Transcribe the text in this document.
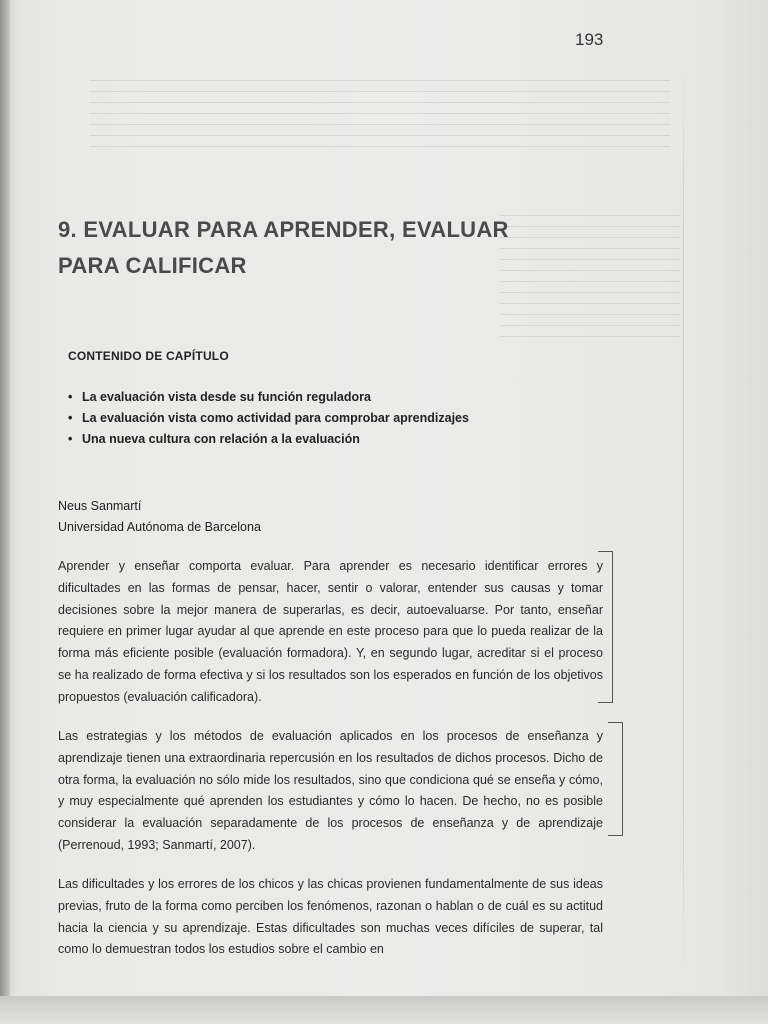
193
9. EVALUAR PARA APRENDER, EVALUAR
PARA CALIFICAR
CONTENIDO DE CAPÍTULO
• La evaluación vista desde su función reguladora
• La evaluación vista como actividad para comprobar aprendizajes
• Una nueva cultura con relación a la evaluación
Neus Sanmartí
Universidad Autónoma de Barcelona

Aprender y enseñar comporta evaluar. Para aprender es necesario identificar errores y dificultades en las formas de pensar, hacer, sentir o valorar, entender sus causas y tomar decisiones sobre la mejor manera de superarlas, es decir, autoevaluarse. Por tanto, enseñar requiere en primer lugar ayudar al que aprende en este proceso para que lo pueda realizar de la forma más eficiente posible (evaluación formadora). Y, en segundo lugar, acreditar si el proceso se ha realizado de forma efectiva y si los resultados son los esperados en función de los objetivos propuestos (evaluación calificadora).

Las estrategias y los métodos de evaluación aplicados en los procesos de enseñanza y aprendizaje tienen una extraordinaria repercusión en los resultados de dichos procesos. Dicho de otra forma, la evaluación no sólo mide los resultados, sino que condiciona qué se enseña y cómo, y muy especialmente qué aprenden los estudiantes y cómo lo hacen. De hecho, no es posible considerar la evaluación separadamente de los procesos de enseñanza y de aprendizaje (Perrenoud, 1993; Sanmartí, 2007).

Las dificultades y los errores de los chicos y las chicas provienen fundamentalmente de sus ideas previas, fruto de la forma como perciben los fenómenos, razonan o hablan o de cuál es su actitud hacia la ciencia y su aprendizaje. Estas dificultades son muchas veces difíciles de superar, tal como lo demuestran todos los estudios sobre el cambio en
